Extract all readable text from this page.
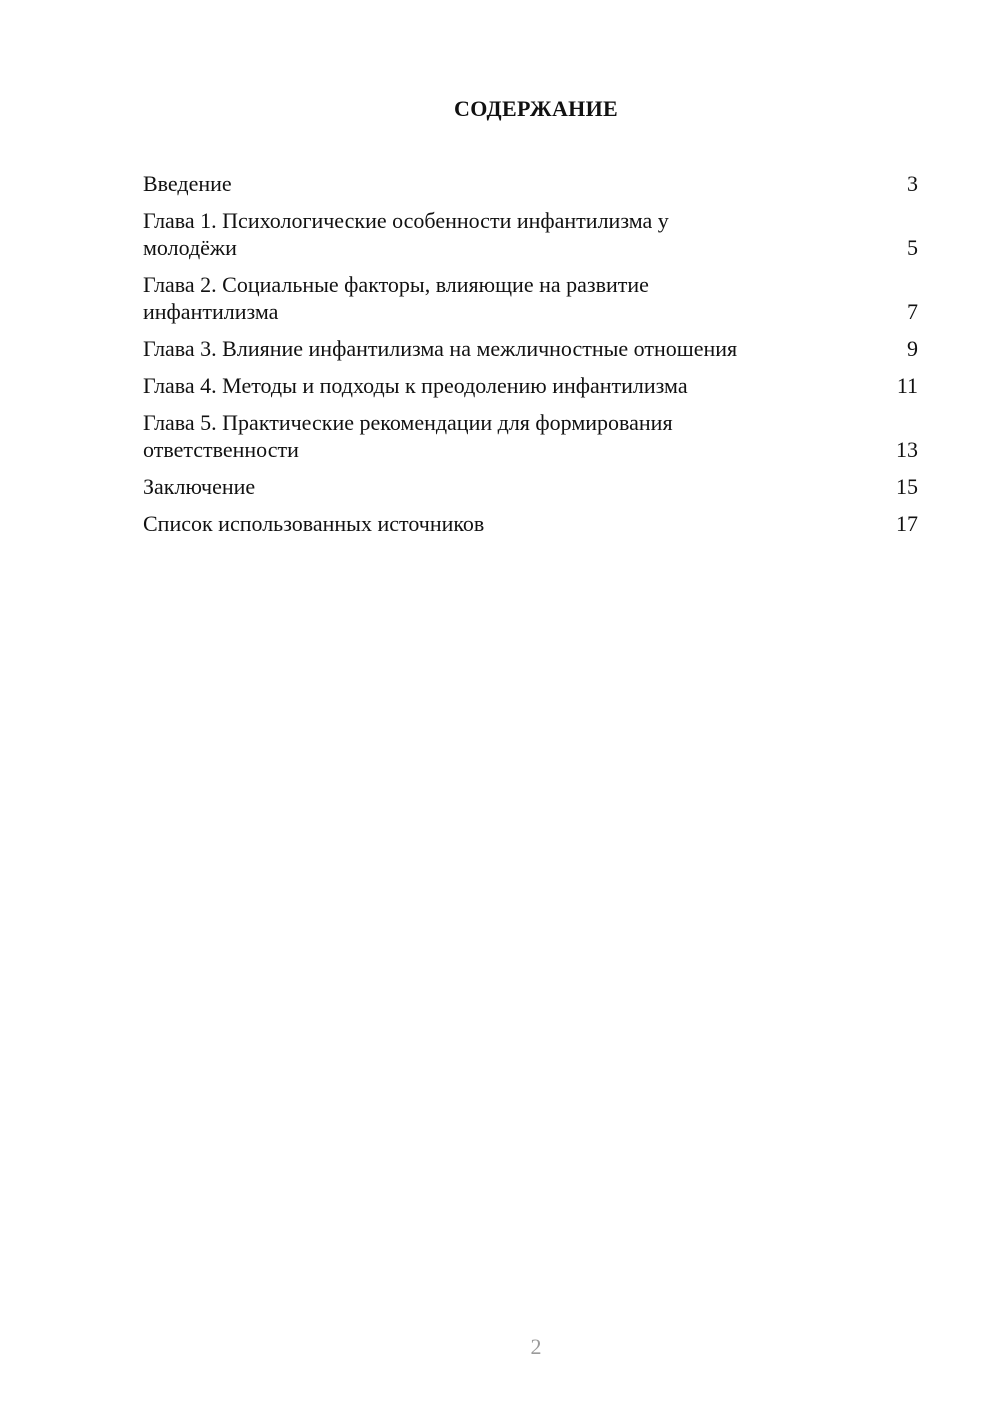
СОДЕРЖАНИЕ
Введение	3
Глава 1. Психологические особенности инфантилизма у
молодёжи	5
Глава 2. Социальные факторы, влияющие на развитие
инфантилизма	7
Глава 3. Влияние инфантилизма на межличностные отношения	9
Глава 4. Методы и подходы к преодолению инфантилизма	11
Глава 5. Практические рекомендации для формирования
ответственности	13
Заключение	15
Список использованных источников	17
2
